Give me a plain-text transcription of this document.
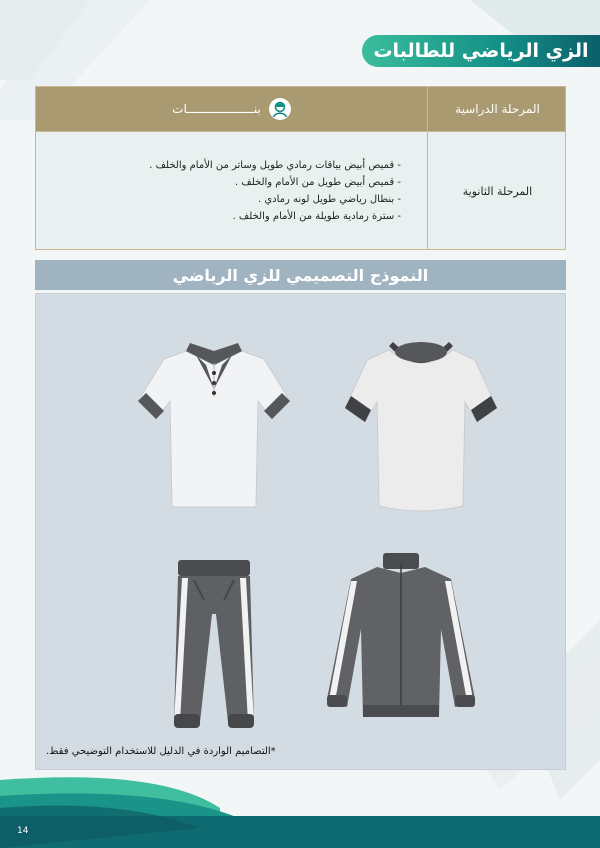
الزي الرياضي للطالبات
المرحلة الدراسية
بنـــــــــــــــــــات
المرحلة الثانوية
- قميص أبيض بياقات رمادي طويل وساتر من الأمام والخلف .
- قميص أبيض طويل من الأمام والخلف .
- بنطال رياضي طويل لونه رمادي .
- سترة رمادية طويلة من الأمام والخلف .
النموذج التصميمي للزي الرياضي
*التصاميم الواردة في الدليل للاستخدام التوضيحي فقط.
14
